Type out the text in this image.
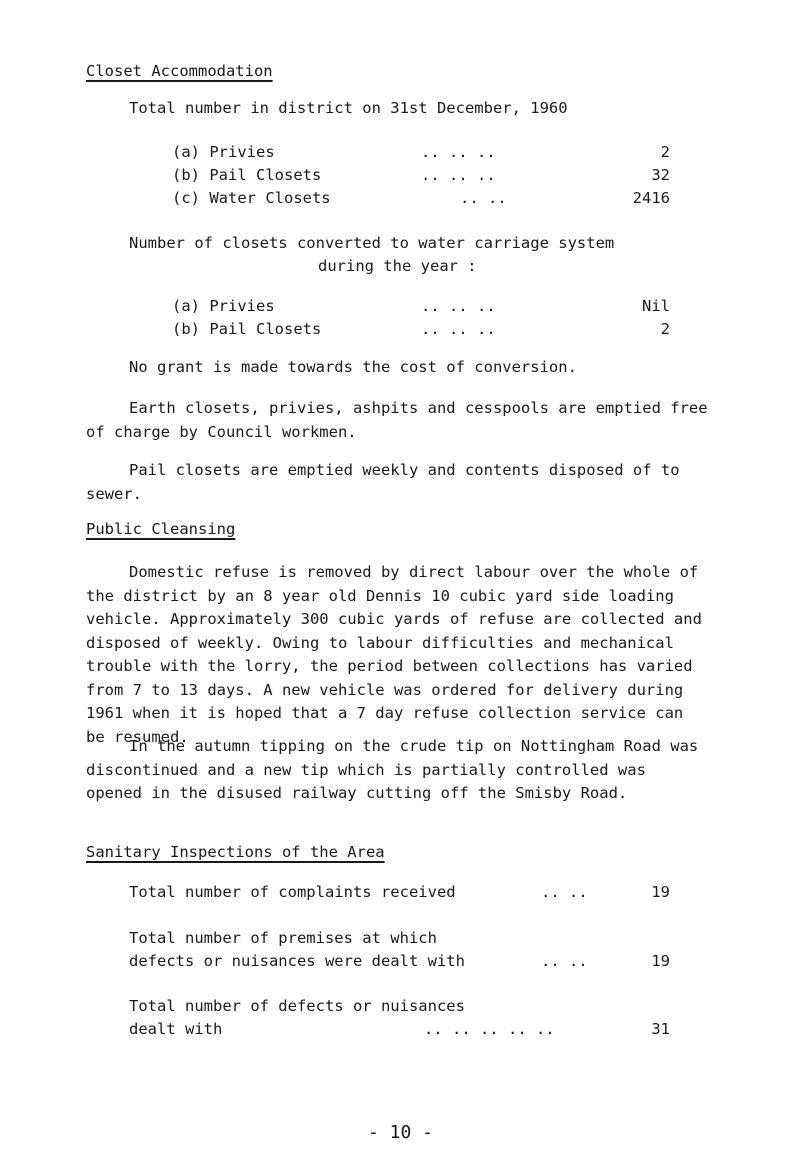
Closet Accommodation
Total number in district on 31st December, 1960
(a) Privies	.. .. ..	2
(b) Pail Closets	.. .. ..	32
(c) Water Closets	.. ..	2416
Number of closets converted to water carriage system
during the year :
(a) Privies	.. .. ..	Nil
(b) Pail Closets	.. .. ..	2
No grant is made towards the cost of conversion.
Earth closets, privies, ashpits and cesspools are emptied free of charge by Council workmen.
Pail closets are emptied weekly and contents disposed of to sewer.
Public Cleansing
Domestic refuse is removed by direct labour over the whole of the district by an 8 year old Dennis 10 cubic yard side loading vehicle. Approximately 300 cubic yards of refuse are collected and disposed of weekly. Owing to labour difficulties and mechanical trouble with the lorry, the period between collections has varied from 7 to 13 days. A new vehicle was ordered for delivery during 1961 when it is hoped that a 7 day refuse collection service can be resumed.
In the autumn tipping on the crude tip on Nottingham Road was discontinued and a new tip which is partially controlled was opened in the disused railway cutting off the Smisby Road.
Sanitary Inspections of the Area
Total number of complaints received	.. ..	19
Total number of premises at which
defects or nuisances were dealt with	.. ..	19
Total number of defects or nuisances
dealt with	.. .. .. .. ..	31
- 10 -
